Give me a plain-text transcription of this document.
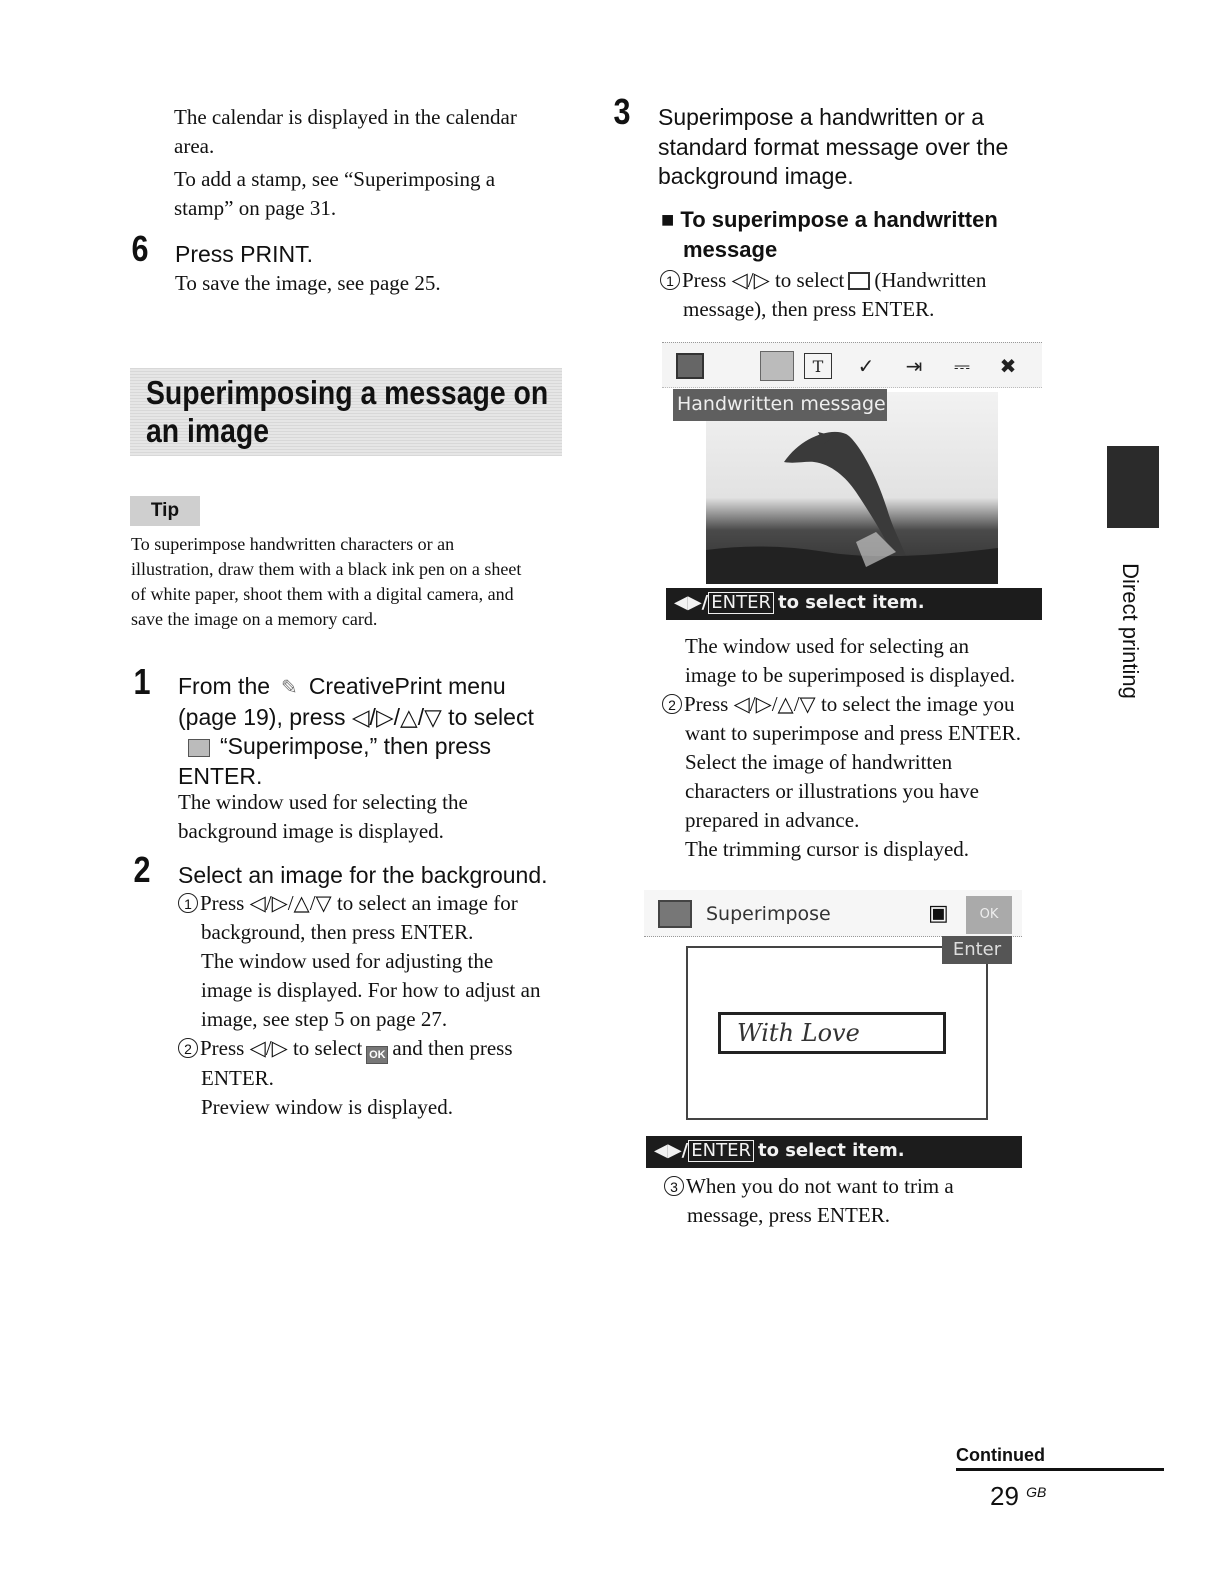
The calendar is displayed in the calendar
area.
To add a stamp, see “Superimposing a
stamp” on page 31.
6 Press PRINT.
To save the image, see page 25.
Superimposing a message on
an image
Tip
To superimpose handwritten characters or an
illustration, draw them with a black ink pen on a sheet
of white paper, shoot them with a digital camera, and
save the image on a memory card.
1 From the ✎ CreativePrint menu
(page 19), press ◁/▷/△/▽ to select
“Superimpose,” then press
ENTER.
The window used for selecting the
background image is displayed.
2 Select an image for the background.
1 Press ◁/▷/△/▽ to select an image for
background, then press ENTER.
The window used for adjusting the
image is displayed. For how to adjust an
image, see step 5 on page 27.
2 Press ◁/▷ to select OK and then press
ENTER.
Preview window is displayed.
3 Superimpose a handwritten or a
standard format message over the
background image.
■ To superimpose a handwritten
message
1 Press ◁/▷ to select (Handwritten
message), then press ENTER.
T	✓ ⇥	⎓	✖
Handwritten message
◀▶/ ENTER to select item.
The window used for selecting an
image to be superimposed is displayed.
2 Press ◁/▷/△/▽ to select the image you
want to superimpose and press ENTER.
Select the image of handwritten
characters or illustrations you have
prepared in advance.
The trimming cursor is displayed.
Superimpose	▣	OK
Enter
With Love
◀▶/ ENTER to select item.
3 When you do not want to trim a
message, press ENTER.
Direct printing
Continued
29 $^{GB}$
